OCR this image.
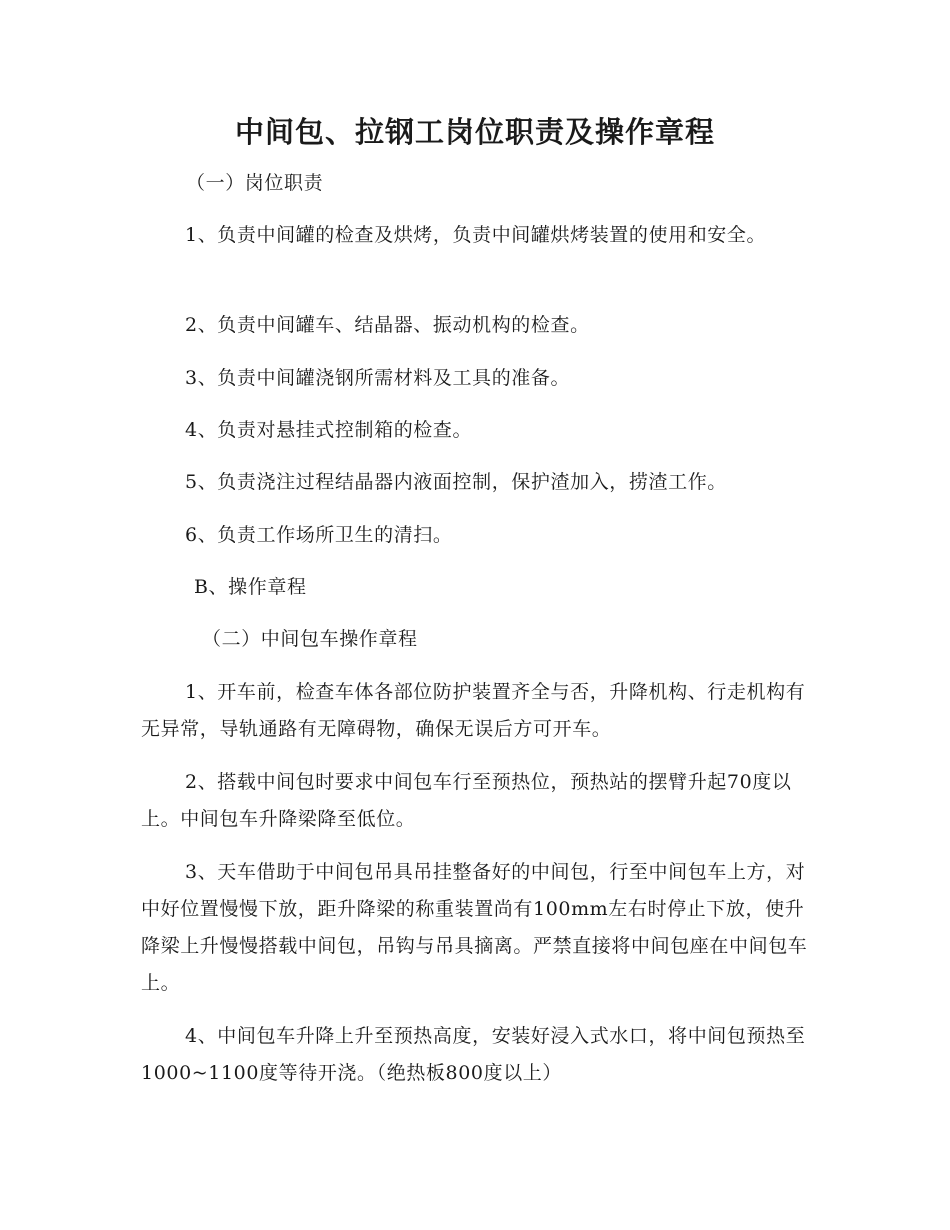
中间包、拉钢工岗位职责及操作章程
（一）岗位职责

1、负责中间罐的检查及烘烤，负责中间罐烘烤装置的使用和安全。

2、负责中间罐车、结晶器、振动机构的检查。

3、负责中间罐浇钢所需材料及工具的准备。

4、负责对悬挂式控制箱的检查。

5、负责浇注过程结晶器内液面控制，保护渣加入，捞渣工作。

6、负责工作场所卫生的清扫。

B、操作章程
（二）中间包车操作章程

1、开车前，检查车体各部位防护装置齐全与否，升降机构、行走机构有无异常，导轨通路有无障碍物，确保无误后方可开车。

2、搭载中间包时要求中间包车行至预热位，预热站的摆臂升起70度以上。中间包车升降梁降至低位。

3、天车借助于中间包吊具吊挂整备好的中间包，行至中间包车上方，对中好位置慢慢下放，距升降梁的称重装置尚有100mm左右时停止下放，使升降梁上升慢慢搭载中间包，吊钩与吊具摘离。严禁直接将中间包座在中间包车上。

4、中间包车升降上升至预热高度，安装好浸入式水口，将中间包预热至1000~1100度等待开浇。（绝热板800度以上）
